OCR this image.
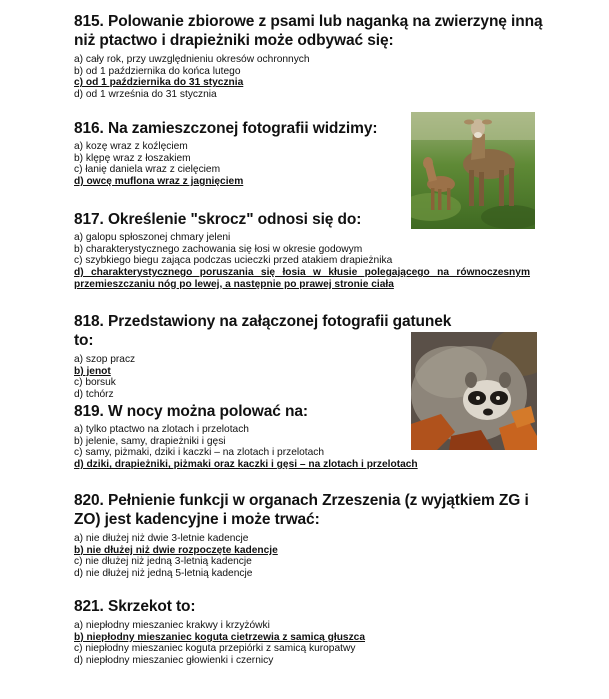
815. Polowanie zbiorowe z psami lub naganką na zwierzynę inną niż ptactwo i drapieżniki może odbywać się:
a) cały rok, przy uwzględnieniu okresów ochronnych
b) od 1 października do końca lutego
c) od 1 października do 31 stycznia
d) od 1 września do 31 stycznia
816. Na zamieszczonej fotografii widzimy:
a) kozę wraz z koźlęciem
b) klępę wraz z łoszakiem
c) łanię daniela wraz z cielęciem
d) owcę muflona wraz z jagnięciem
817. Określenie "skrocz" odnosi się do:
a) galopu spłoszonej chmary jeleni
b) charakterystycznego zachowania się łosi w okresie godowym
c) szybkiego biegu zająca podczas ucieczki przed atakiem drapieżnika
d) charakterystycznego poruszania się łosia w kłusie polegającego na równoczesnym przemieszczaniu nóg po lewej, a następnie po prawej stronie ciała
818. Przedstawiony na załączonej fotografii gatunek to:
a) szop pracz
b) jenot
c) borsuk
d) tchórz
819. W nocy można polować na:
a) tylko ptactwo na zlotach i przelotach
b) jelenie, samy, drapieżniki i gęsi
c) samy, piżmaki, dziki i kaczki – na zlotach i przelotach
d) dziki, drapieżniki, piżmaki oraz kaczki i gęsi – na zlotach i przelotach
820. Pełnienie funkcji w organach Zrzeszenia (z wyjątkiem ZG i ZO) jest kadencyjne i może trwać:
a) nie dłużej niż dwie 3-letnie kadencje
b) nie dłużej niż dwie rozpoczęte kadencje
c) nie dłużej niż jedną 3-letnią kadencje
d) nie dłużej niż jedną 5-letnią kadencje
821. Skrzekot to:
a) niepłodny mieszaniec krakwy i krzyżówki
b) niepłodny mieszaniec koguta cietrzewia z samicą głuszca
c) niepłodny mieszaniec koguta przepiórki z samicą kuropatwy
d) niepłodny mieszaniec głowienki i czernicy
